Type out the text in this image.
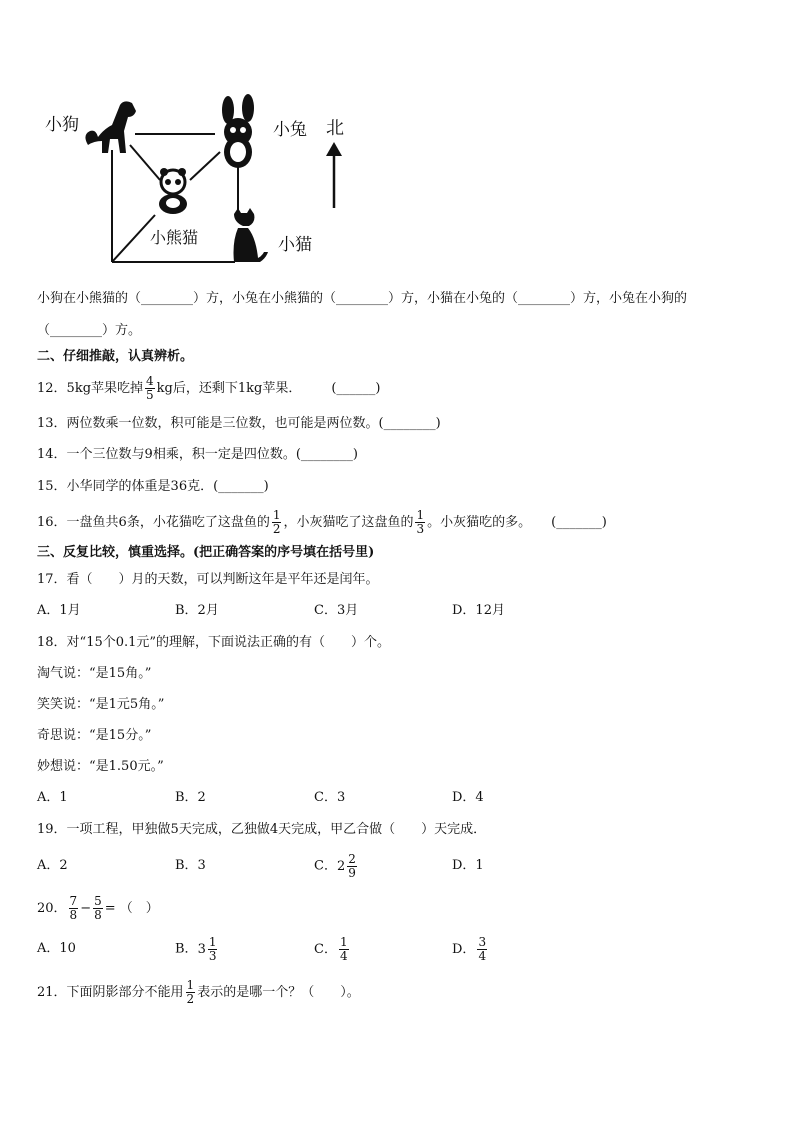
小狗	小兔
小熊猫	小猫
北
小狗在小熊猫的（________）方，小兔在小熊猫的（________）方，小猫在小兔的（________）方，小兔在小狗的
（________）方。
二、仔细推敲，认真辨析。
12．5kg苹果吃掉 $\frac{4}{5}$ kg后，还剩下1kg苹果． (______)
13．两位数乘一位数，积可能是三位数，也可能是两位数。(________)
14．一个三位数与9相乘，积一定是四位数。(________)
15．小华同学的体重是36克．(_______)
16．一盘鱼共6条，小花猫吃了这盘鱼的 $\frac{1}{2}$ ，小灰猫吃了这盘鱼的 $\frac{1}{3}$ 。小灰猫吃的多。 (_______)
三、反复比较，慎重选择。(把正确答案的序号填在括号里)
17．看（　　）月的天数，可以判断这年是平年还是闰年。
A．1月	B．2月	C．3月	D．12月
18．对“15个0.1元”的理解，下面说法正确的有（　　）个。
淘气说：“是15角。”
笑笑说：“是1元5角。”
奇思说：“是15分。”
妙想说：“是1.50元。”
A．1	B．2	C．3	D．4
19．一项工程，甲独做5天完成，乙独做4天完成，甲乙合做（　　）天完成．
A．2	B．3	C． $2 \frac{2}{9}$	D．1
20． $\frac{7}{8} - \frac{5}{8}$ = （　）
A．10	B． $3 \frac{1}{3}$	C． $\frac{1}{4}$	D． $\frac{3}{4}$
21．下面阴影部分不能用 $\frac{1}{2}$ 表示的是哪一个？（　　）。
